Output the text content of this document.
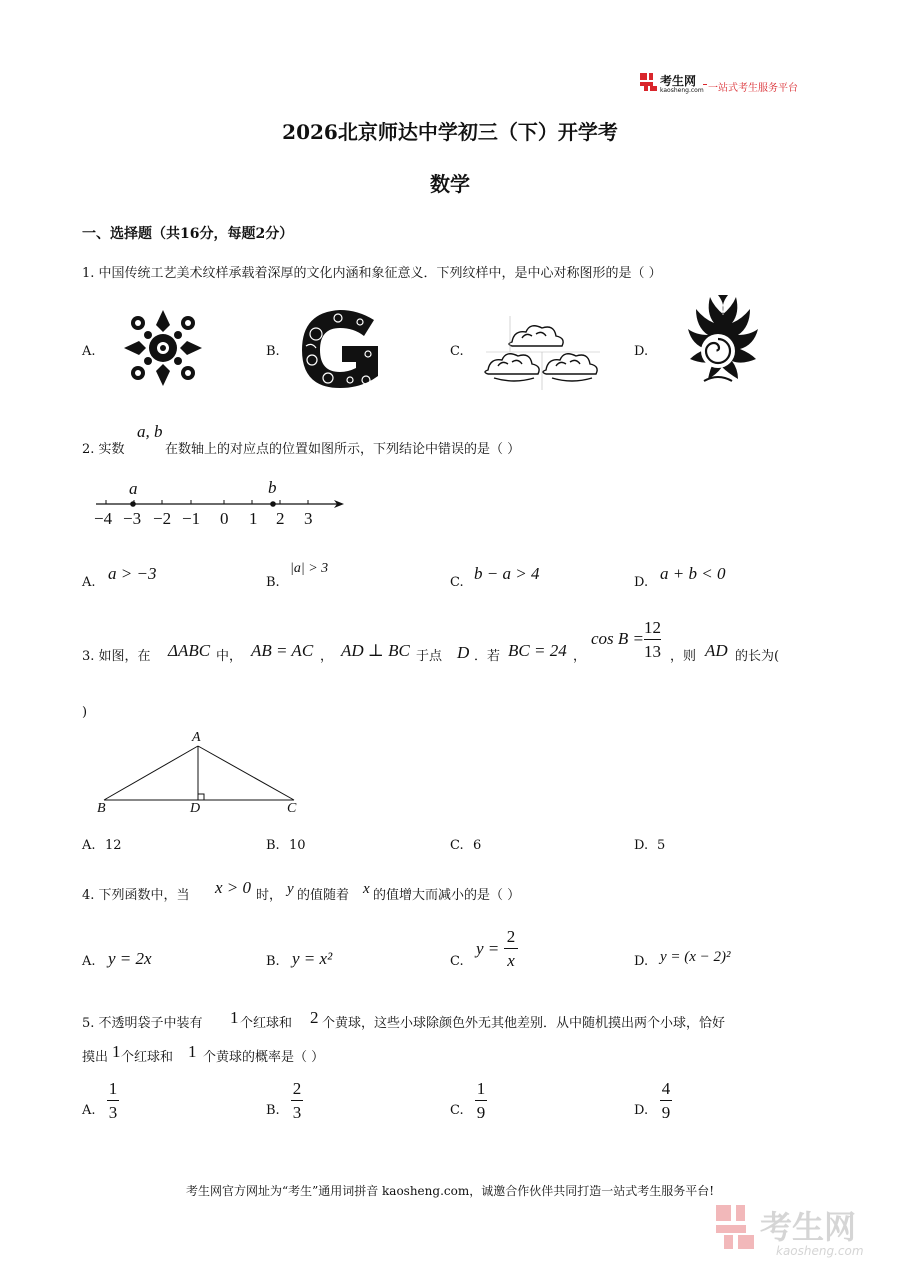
考生网
kaosheng.com 一站式考生服务平台
2026北京师达中学初三（下）开学考
数学
一、选择题（共16分，每题2分）
1. 中国传统工艺美术纹样承载着深厚的文化内涵和象征意义．下列纹样中，是中心对称图形的是（ ）
A.	B.	C.	D.
2. 实数
a, b
在数轴上的对应点的位置如图所示，下列结论中错误的是（ ）
a	b
−4 −3 −2 −1 0 1 2 3
A. a > −3	B.
|a| > 3
C. b − a > 4	D. a + b < 0
3. 如图，在 ΔABC 中， AB = AC ， AD ⊥ BC 于点 D ．若 BC = 24 ，
cos B =
12
13 ，则 AD 的长为(
)
A
B	D	C
A. 12	B. 10	C. 6	D. 5
4. 下列函数中，当 x > 0 时， y 的值随着 x 的值增大而减小的是（ ）
A. y = 2x	B. y = x²	C.
y =
2
x	D. y = (x − 2)²
5. 不透明袋子中装有 1 个红球和 2 个黄球，这些小球除颜色外无其他差别．从中随机摸出两个小球，恰好
摸出 1 个红球和 1 个黄球的概率是（ ）
A.
1
3	B.
2
3	C.
1
9	D.
4
9
考生网官方网址为“考生”通用词拼音 kaosheng.com，诚邀合作伙伴共同打造一站式考生服务平台!
考生网
kaosheng.com
